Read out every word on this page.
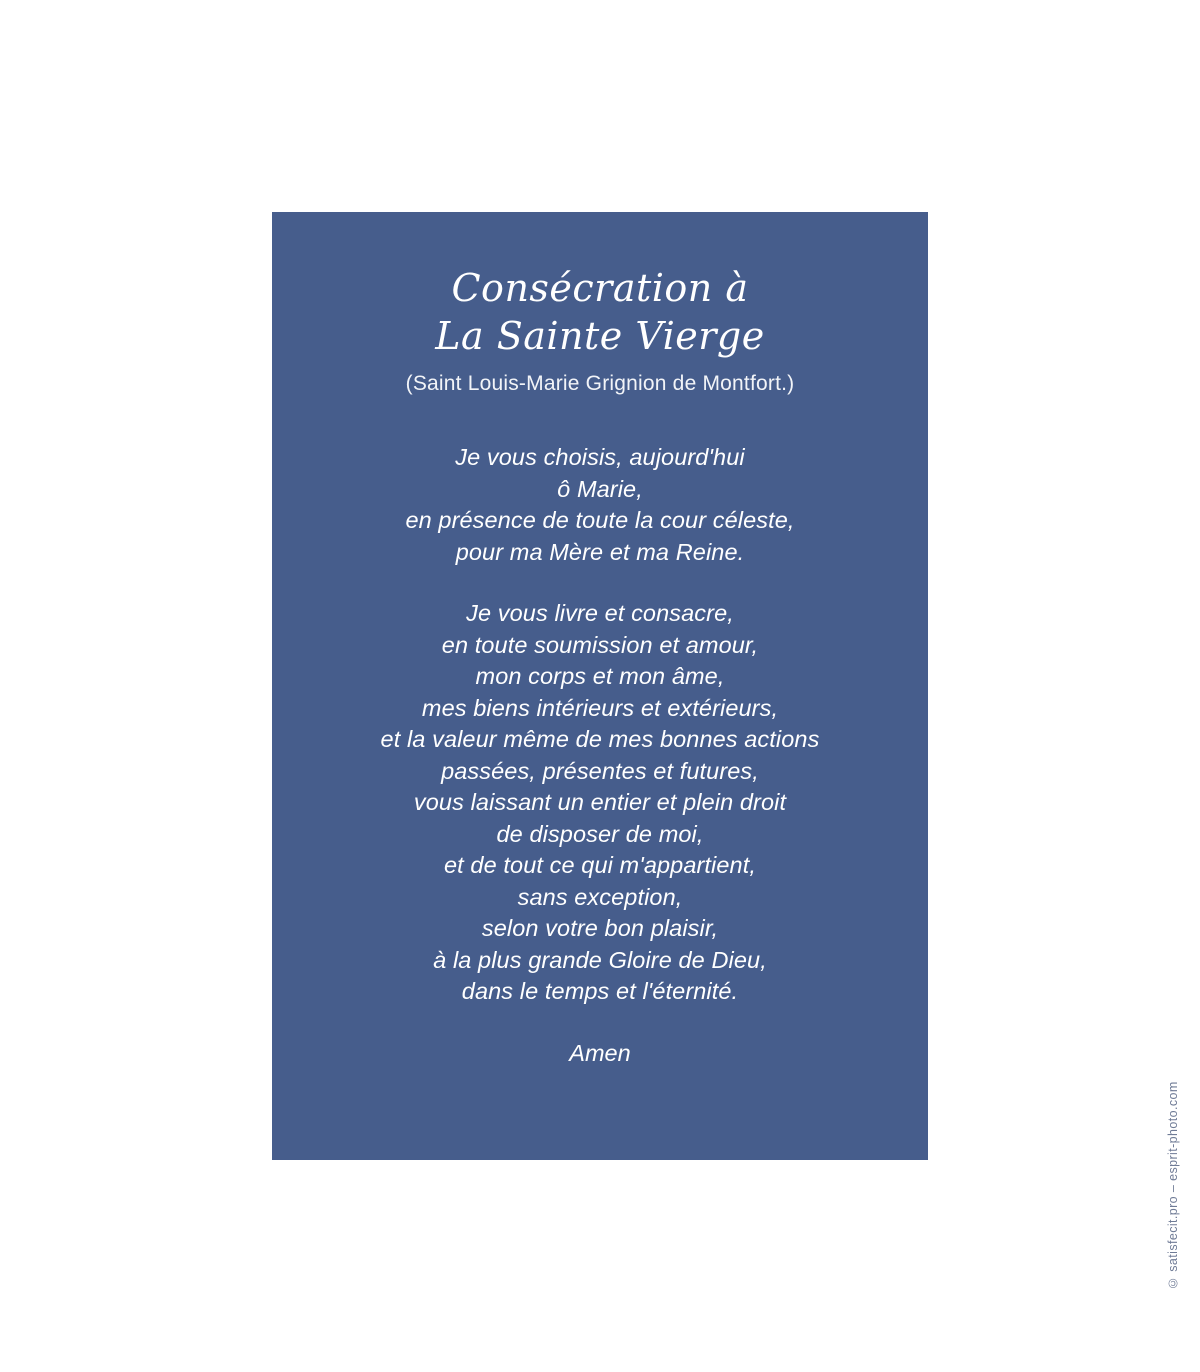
Consécration à
La Sainte Vierge
(Saint Louis-Marie Grignion de Montfort.)
Je vous choisis, aujourd'hui
ô Marie,
en présence de toute la cour céleste,
pour ma Mère et ma Reine.
Je vous livre et consacre,
en toute soumission et amour,
mon corps et mon âme,
mes biens intérieurs et extérieurs,
et la valeur même de mes bonnes actions
passées, présentes et futures,
vous laissant un entier et plein droit
de disposer de moi,
et de tout ce qui m'appartient,
sans exception,
selon votre bon plaisir,
à la plus grande Gloire de Dieu,
dans le temps et l'éternité.
Amen
© satisfecit.pro – esprit-photo.com
